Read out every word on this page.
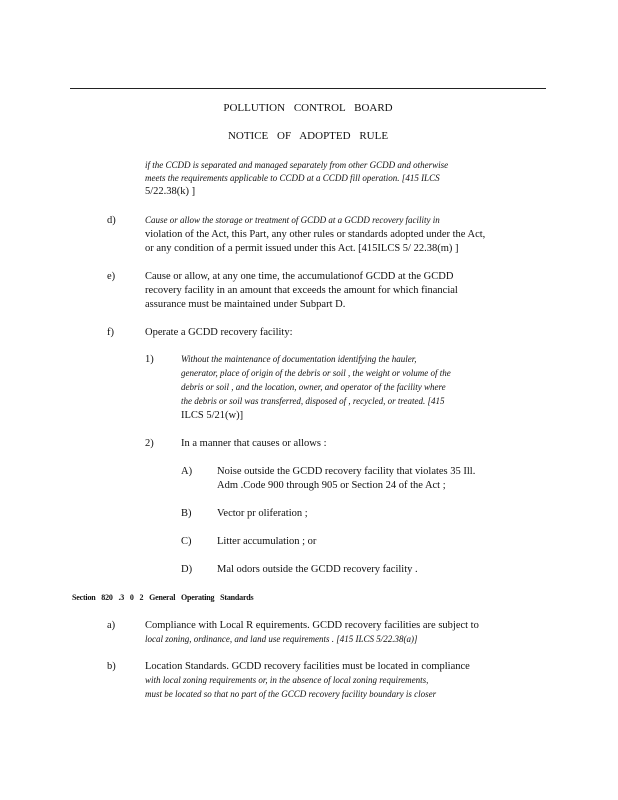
POLLUTION CONTROL BOARD
NOTICE OF ADOPTED RULE
if the CCDD is separated and managed separately from other GCDD and otherwise
meets the requirements applicable to CCDD at a CCDD fill operation. [415 ILCS
5/22.38(k) ]
d)	Cause or allow the storage or treatment of GCDD at a GCDD recovery facility in
violation of the Act, this Part, any other rules or standards adopted under the Act,
or any condition of a permit issued under this Act. [415ILCS 5/ 22.38(m) ]
e)	Cause or allow, at any one time, the accumulationof GCDD at the GCDD
recovery facility in an amount that exceeds the amount for which financial
assurance must be maintained under Subpart D.
f)	Operate a GCDD recovery facility:
1)	Without the maintenance of documentation identifying the hauler,
generator, place of origin of the debris or soil , the weight or volume of the
debris or soil , and the location, owner, and operator of the facility where
the debris or soil was transferred, disposed of , recycled, or treated. [415
ILCS 5/21(w)]
2)	In a manner that causes or allows :
A) Noise outside the GCDD recovery facility that violates 35 Ill.
Adm .Code 900 through 905 or Section 24 of the Act ;
B) Vector pr oliferation ;
C) Litter accumulation ; or
D) Mal odors outside the GCDD recovery facility .
Section 820 .3 0 2 General Operating Standards
a)	Compliance with Local R equirements. GCDD recovery facilities are subject to
local zoning, ordinance, and land use requirements . [415 ILCS 5/22.38(a)]
b)	Location Standards. GCDD recovery facilities must be located in compliance
with local zoning requirements or, in the absence of local zoning requirements,
must be located so that no part of the GCCD recovery facility boundary is closer
